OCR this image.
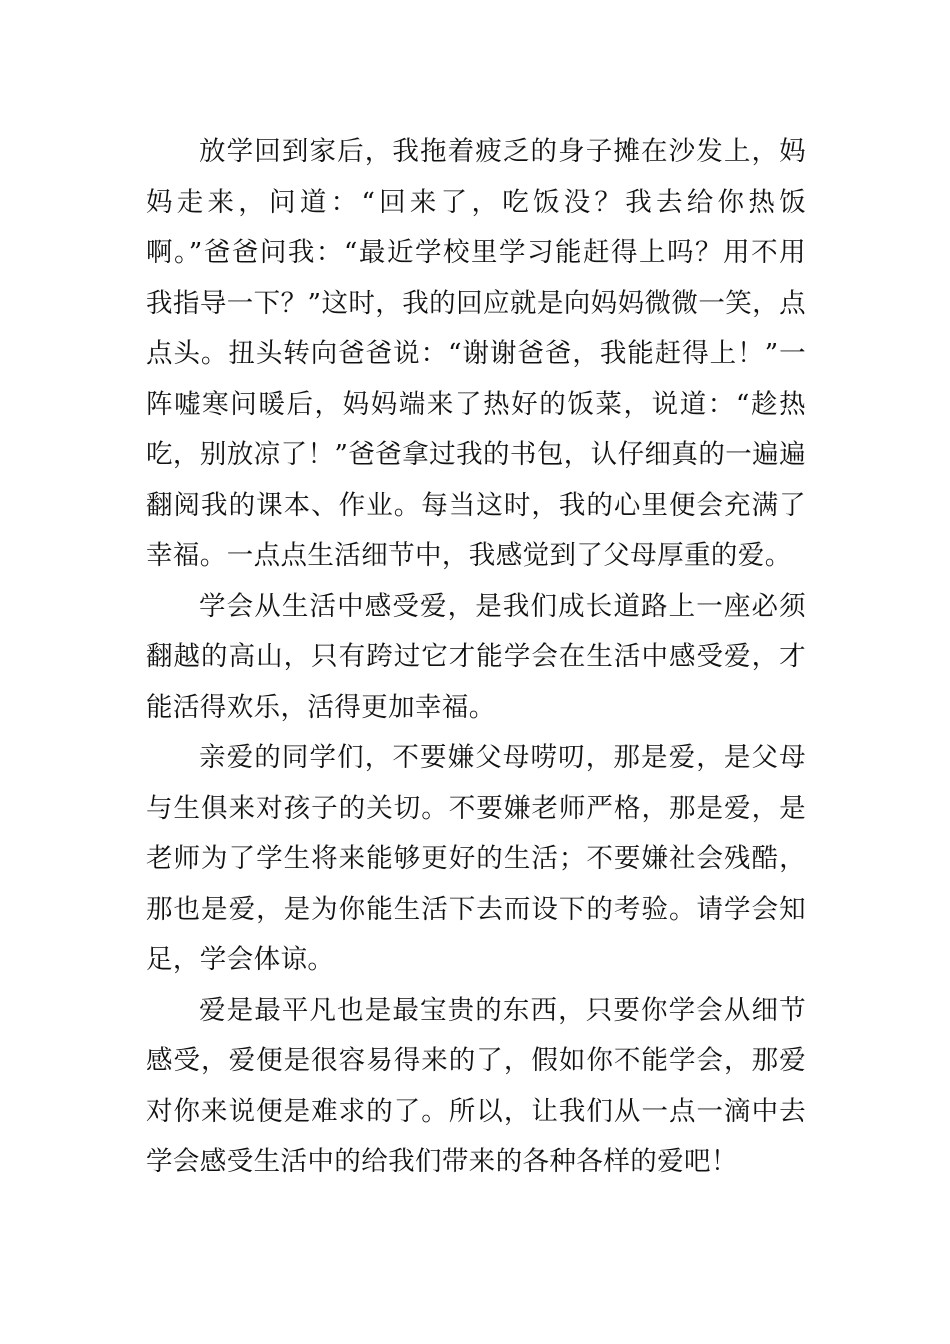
放学回到家后，我拖着疲乏的身子摊在沙发上，妈妈走来，问道：“回来了，吃饭没？我去给你热饭啊。”爸爸问我：“最近学校里学习能赶得上吗？用不用我指导一下？”这时，我的回应就是向妈妈微微一笑，点点头。扭头转向爸爸说：“谢谢爸爸，我能赶得上！”一阵嘘寒问暖后，妈妈端来了热好的饭菜，说道：“趁热吃，别放凉了！”爸爸拿过我的书包，认仔细真的一遍遍翻阅我的课本、作业。每当这时，我的心里便会充满了幸福。一点点生活细节中，我感觉到了父母厚重的爱。

学会从生活中感受爱，是我们成长道路上一座必须翻越的高山，只有跨过它才能学会在生活中感受爱，才能活得欢乐，活得更加幸福。

亲爱的同学们，不要嫌父母唠叨，那是爱，是父母与生俱来对孩子的关切。不要嫌老师严格，那是爱，是老师为了学生将来能够更好的生活；不要嫌社会残酷，那也是爱，是为你能生活下去而设下的考验。请学会知足，学会体谅。

爱是最平凡也是最宝贵的东西，只要你学会从细节感受，爱便是很容易得来的了，假如你不能学会，那爱对你来说便是难求的了。所以，让我们从一点一滴中去学会感受生活中的给我们带来的各种各样的爱吧！
